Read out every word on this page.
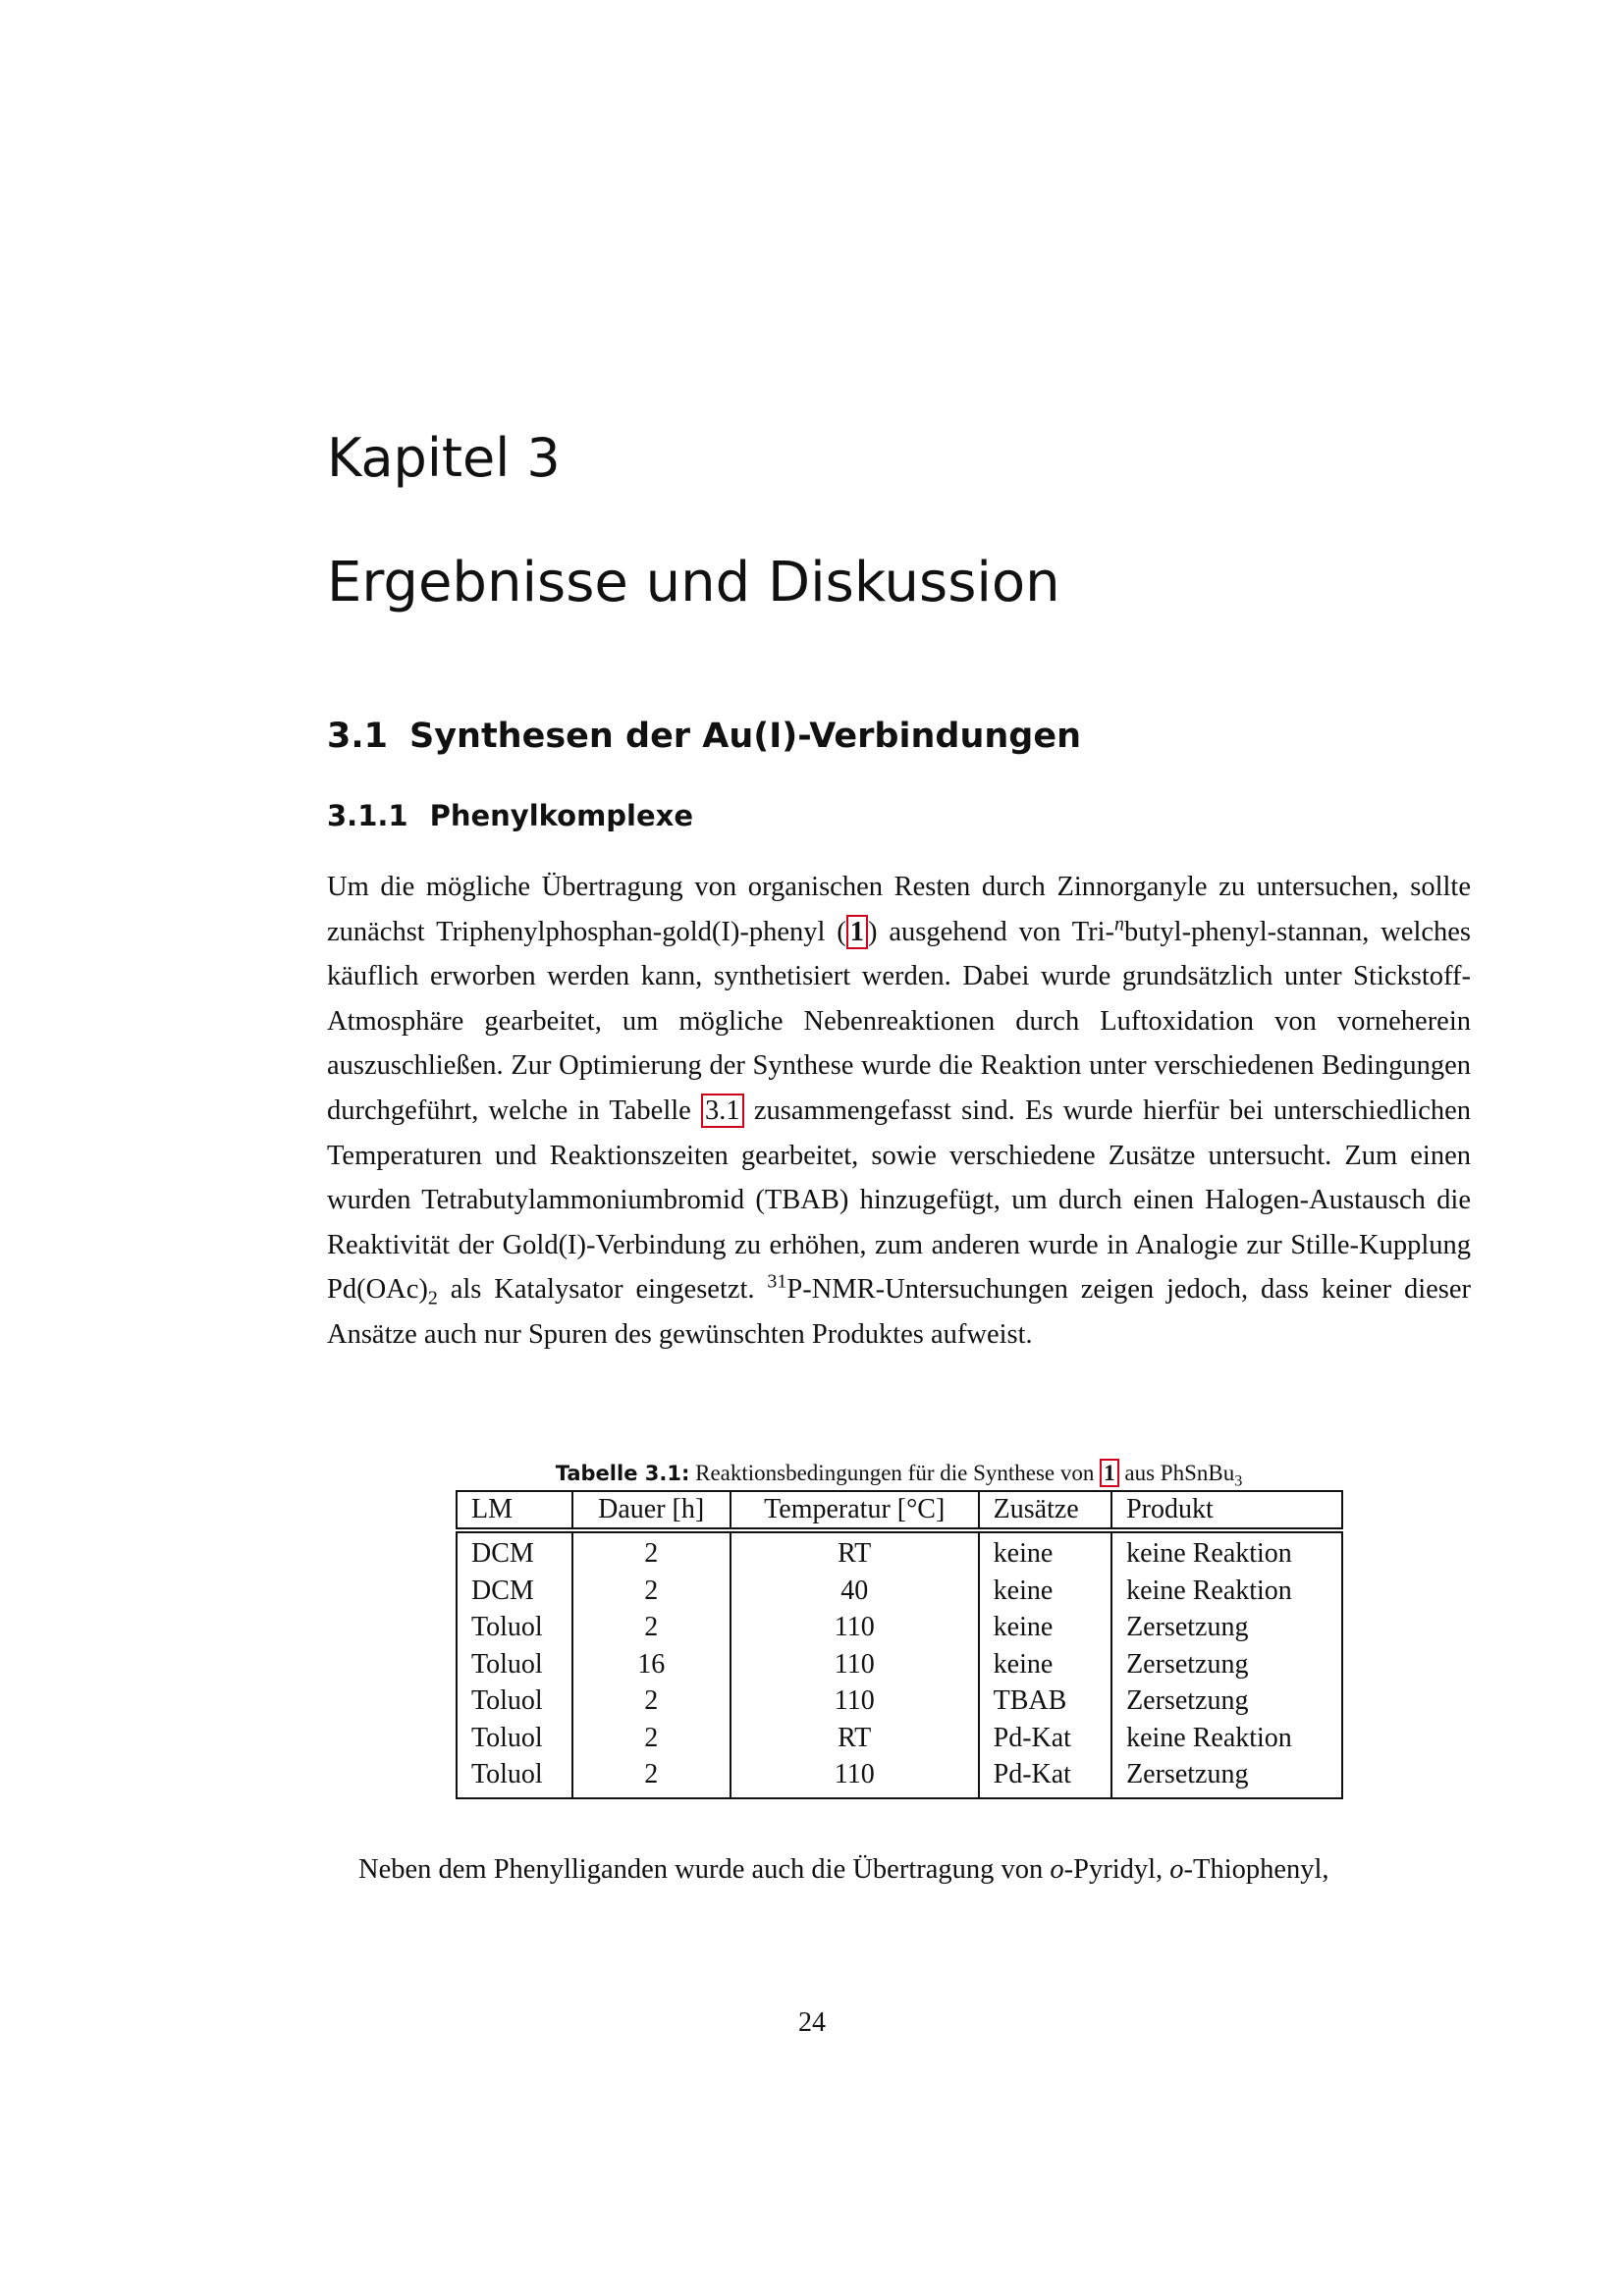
Kapitel 3
Ergebnisse und Diskussion
3.1 Synthesen der Au(I)-Verbindungen
3.1.1 Phenylkomplexe

Um die mögliche Übertragung von organischen Resten durch Zinnorganyle zu untersuchen, sollte zunächst Triphenylphosphan-gold(I)-phenyl ( 1 ) ausgehend von Tri-$^n$butyl-phenyl-stannan, welches käuflich erworben werden kann, synthetisiert werden. Dabei wurde grundsätzlich unter Stickstoff-Atmosphäre gearbeitet, um mögliche Nebenreaktionen durch Luftoxidation von vorneherein auszuschließen. Zur Optimierung der Synthese wurde die Reaktion unter verschiedenen Bedingungen durchgeführt, welche in Tabelle 3.1 zusammengefasst sind. Es wurde hierfür bei unterschiedlichen Temperaturen und Reaktionszeiten gearbeitet, sowie verschiedene Zusätze untersucht. Zum einen wurden Tetrabutylammoniumbromid (TBAB) hinzugefügt, um durch einen Halogen-Austausch die Reaktivität der Gold(I)-Verbindung zu erhöhen, zum anderen wurde in Analogie zur Stille-Kupplung $Pd(OAc)_2$ als Katalysator eingesetzt. $^{31}$P-NMR-Untersuchungen zeigen jedoch, dass keiner dieser Ansätze auch nur Spuren des gewünschten Produktes aufweist.

Tabelle 3.1: Reaktionsbedingungen für die Synthese von 1 aus PhSnBu$_3$
LM	Dauer [h]	Temperatur [°C]	Zusätze	Produkt
DCM	2	RT	keine	keine Reaktion
DCM	2	40	keine	keine Reaktion
Toluol	2	110	keine	Zersetzung
Toluol	16	110	keine	Zersetzung
Toluol	2	110	TBAB	Zersetzung
Toluol	2	RT	Pd-Kat	keine Reaktion
Toluol	2	110	Pd-Kat	Zersetzung

Neben dem Phenylliganden wurde auch die Übertragung von o-Pyridyl, o-Thiophenyl,

24
